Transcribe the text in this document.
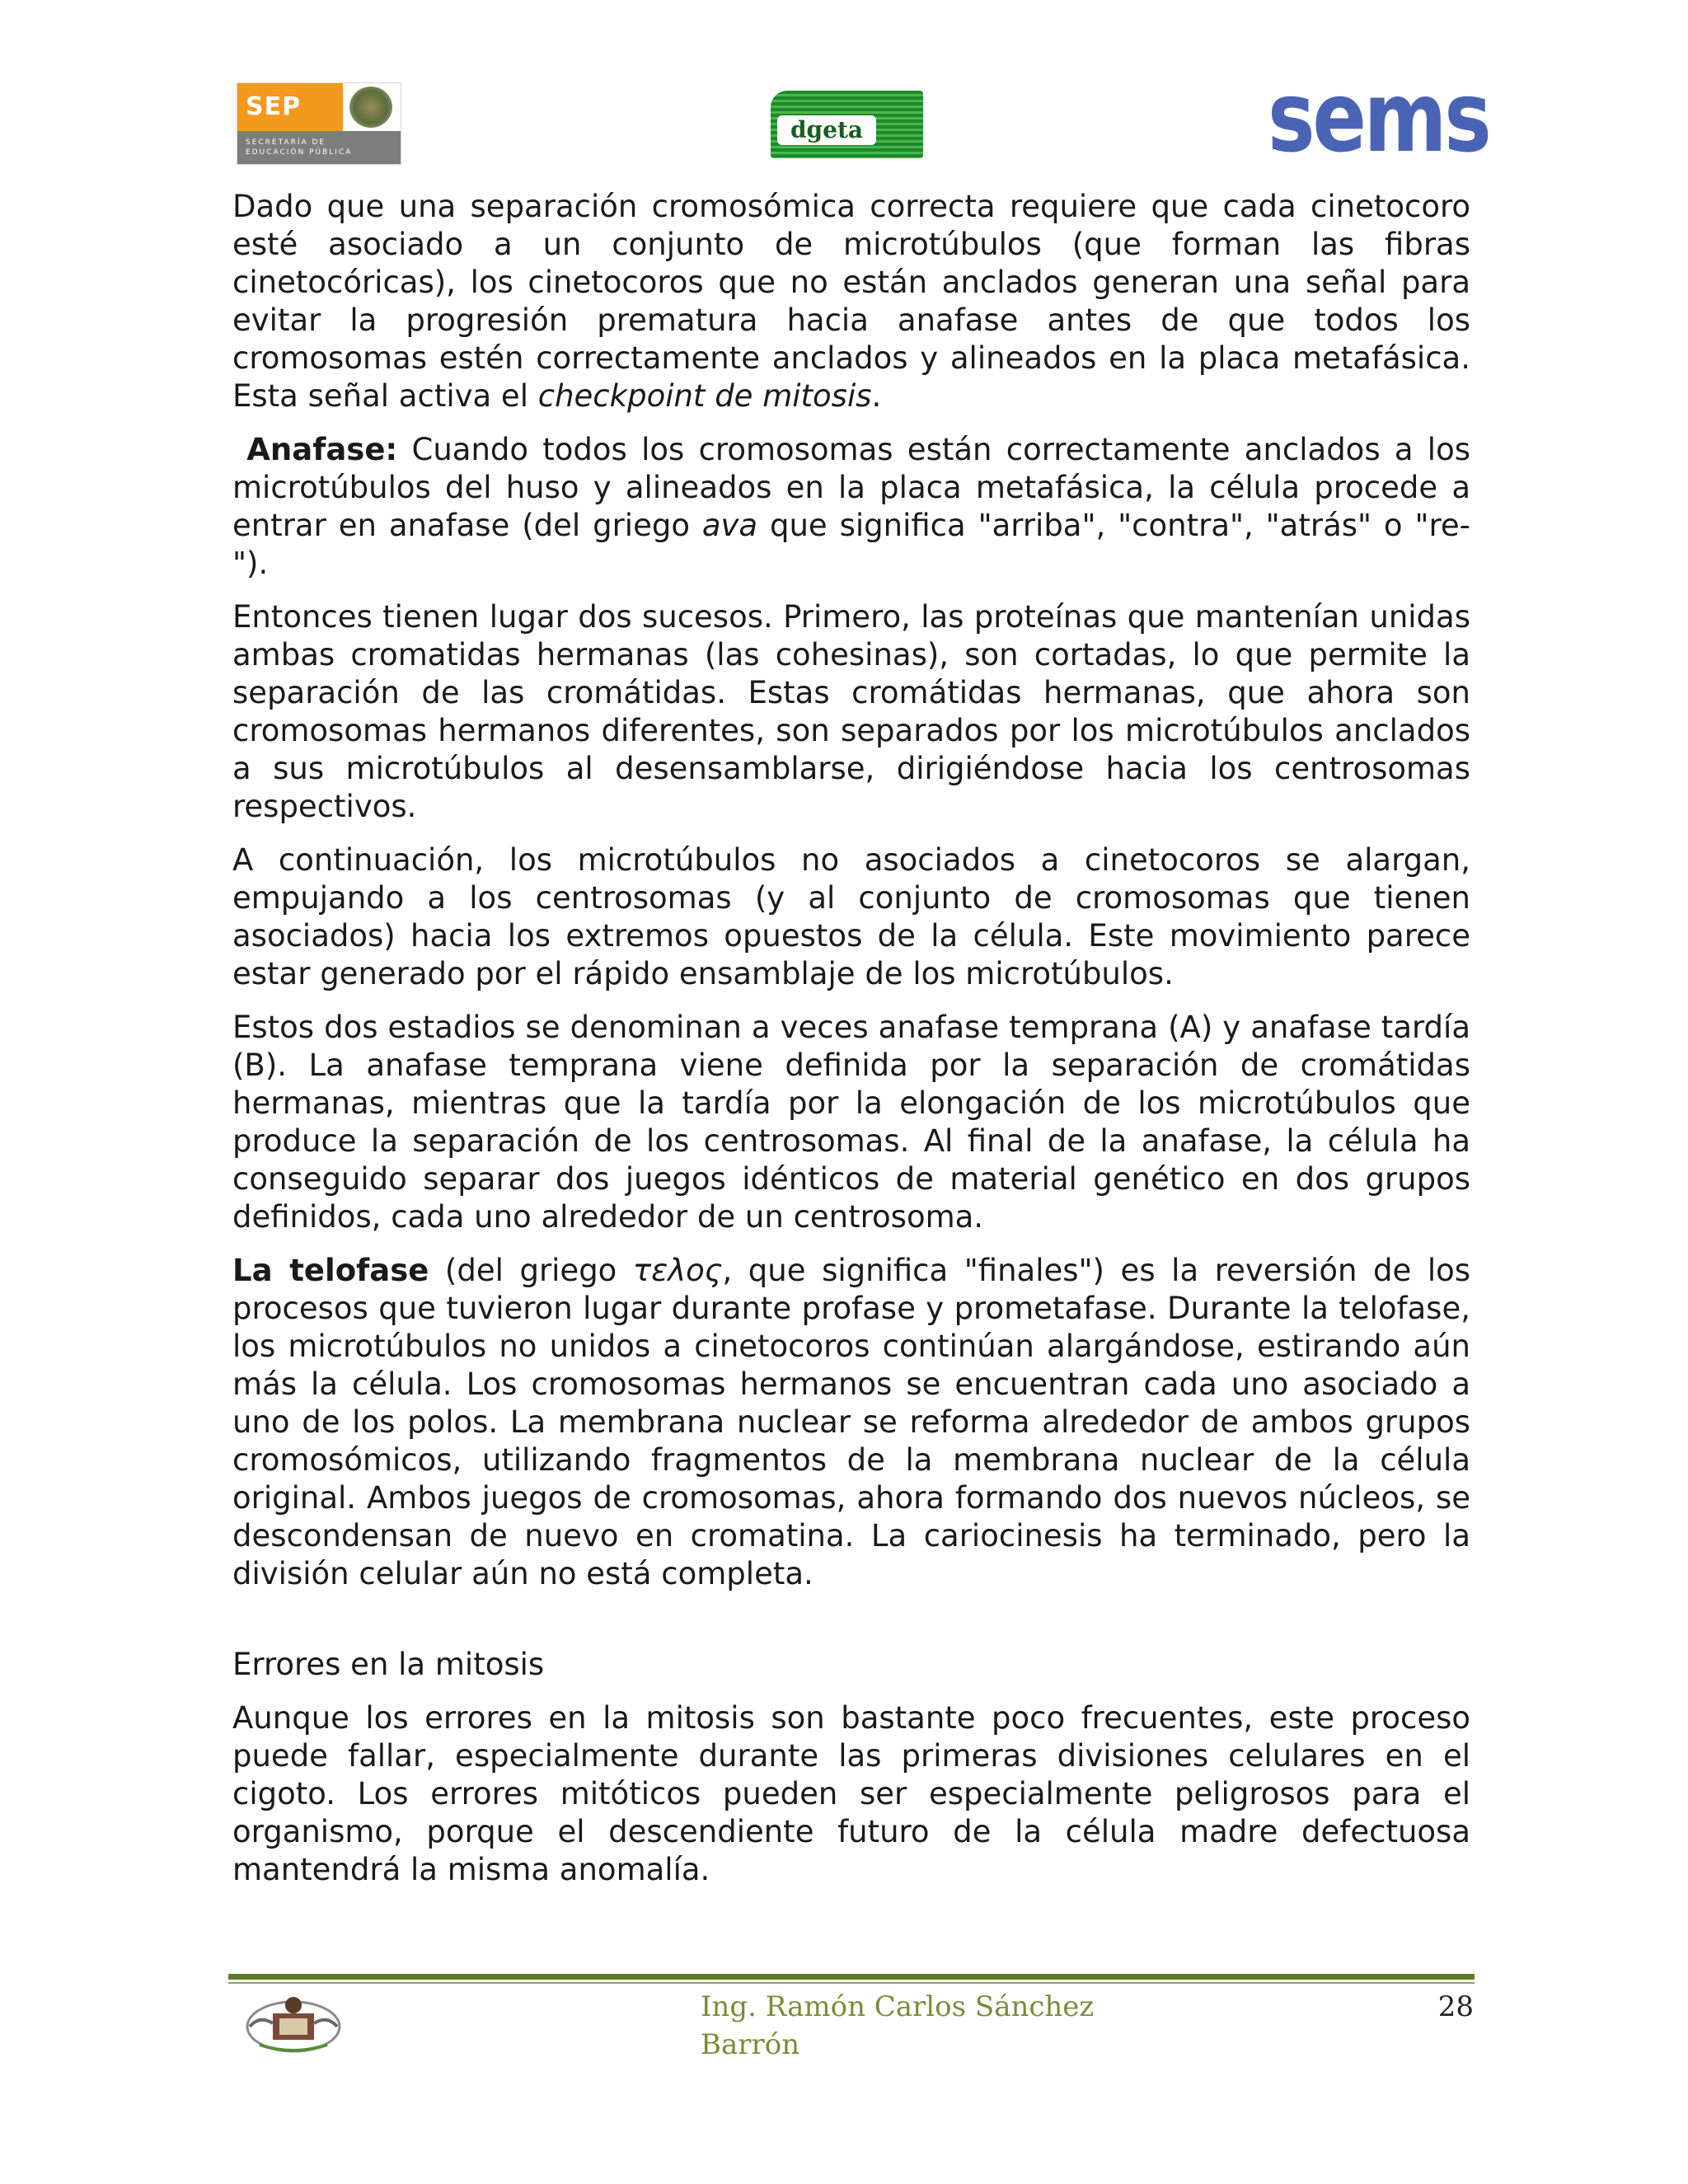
SEP
SECRETARÍA DE
EDUCACIÓN PÚBLICA
dgeta	sems

Dado que una separación cromosómica correcta requiere que cada cinetocoro esté asociado a un conjunto de microtúbulos (que forman las fibras cinetocóricas), los cinetocoros que no están anclados generan una señal para evitar la progresión prematura hacia anafase antes de que todos los cromosomas estén correctamente anclados y alineados en la placa metafásica. Esta señal activa el checkpoint de mitosis.

Anafase: Cuando todos los cromosomas están correctamente anclados a los microtúbulos del huso y alineados en la placa metafásica, la célula procede a entrar en anafase (del griego ava que significa "arriba", "contra", "atrás" o "re-").

Entonces tienen lugar dos sucesos. Primero, las proteínas que mantenían unidas ambas cromatidas hermanas (las cohesinas), son cortadas, lo que permite la separación de las cromátidas. Estas cromátidas hermanas, que ahora son cromosomas hermanos diferentes, son separados por los microtúbulos anclados a sus microtúbulos al desensamblarse, dirigiéndose hacia los centrosomas respectivos.

A continuación, los microtúbulos no asociados a cinetocoros se alargan, empujando a los centrosomas (y al conjunto de cromosomas que tienen asociados) hacia los extremos opuestos de la célula. Este movimiento parece estar generado por el rápido ensamblaje de los microtúbulos.

Estos dos estadios se denominan a veces anafase temprana (A) y anafase tardía (B). La anafase temprana viene definida por la separación de cromátidas hermanas, mientras que la tardía por la elongación de los microtúbulos que produce la separación de los centrosomas. Al final de la anafase, la célula ha conseguido separar dos juegos idénticos de material genético en dos grupos definidos, cada uno alrededor de un centrosoma.

La telofase (del griego τελος, que significa "finales") es la reversión de los procesos que tuvieron lugar durante profase y prometafase. Durante la telofase, los microtúbulos no unidos a cinetocoros continúan alargándose, estirando aún más la célula. Los cromosomas hermanos se encuentran cada uno asociado a uno de los polos. La membrana nuclear se reforma alrededor de ambos grupos cromosómicos, utilizando fragmentos de la membrana nuclear de la célula original. Ambos juegos de cromosomas, ahora formando dos nuevos núcleos, se descondensan de nuevo en cromatina. La cariocinesis ha terminado, pero la división celular aún no está completa.

Errores en la mitosis

Aunque los errores en la mitosis son bastante poco frecuentes, este proceso puede fallar, especialmente durante las primeras divisiones celulares en el cigoto. Los errores mitóticos pueden ser especialmente peligrosos para el organismo, porque el descendiente futuro de la célula madre defectuosa mantendrá la misma anomalía.

Ing. Ramón Carlos Sánchez Barrón
28
